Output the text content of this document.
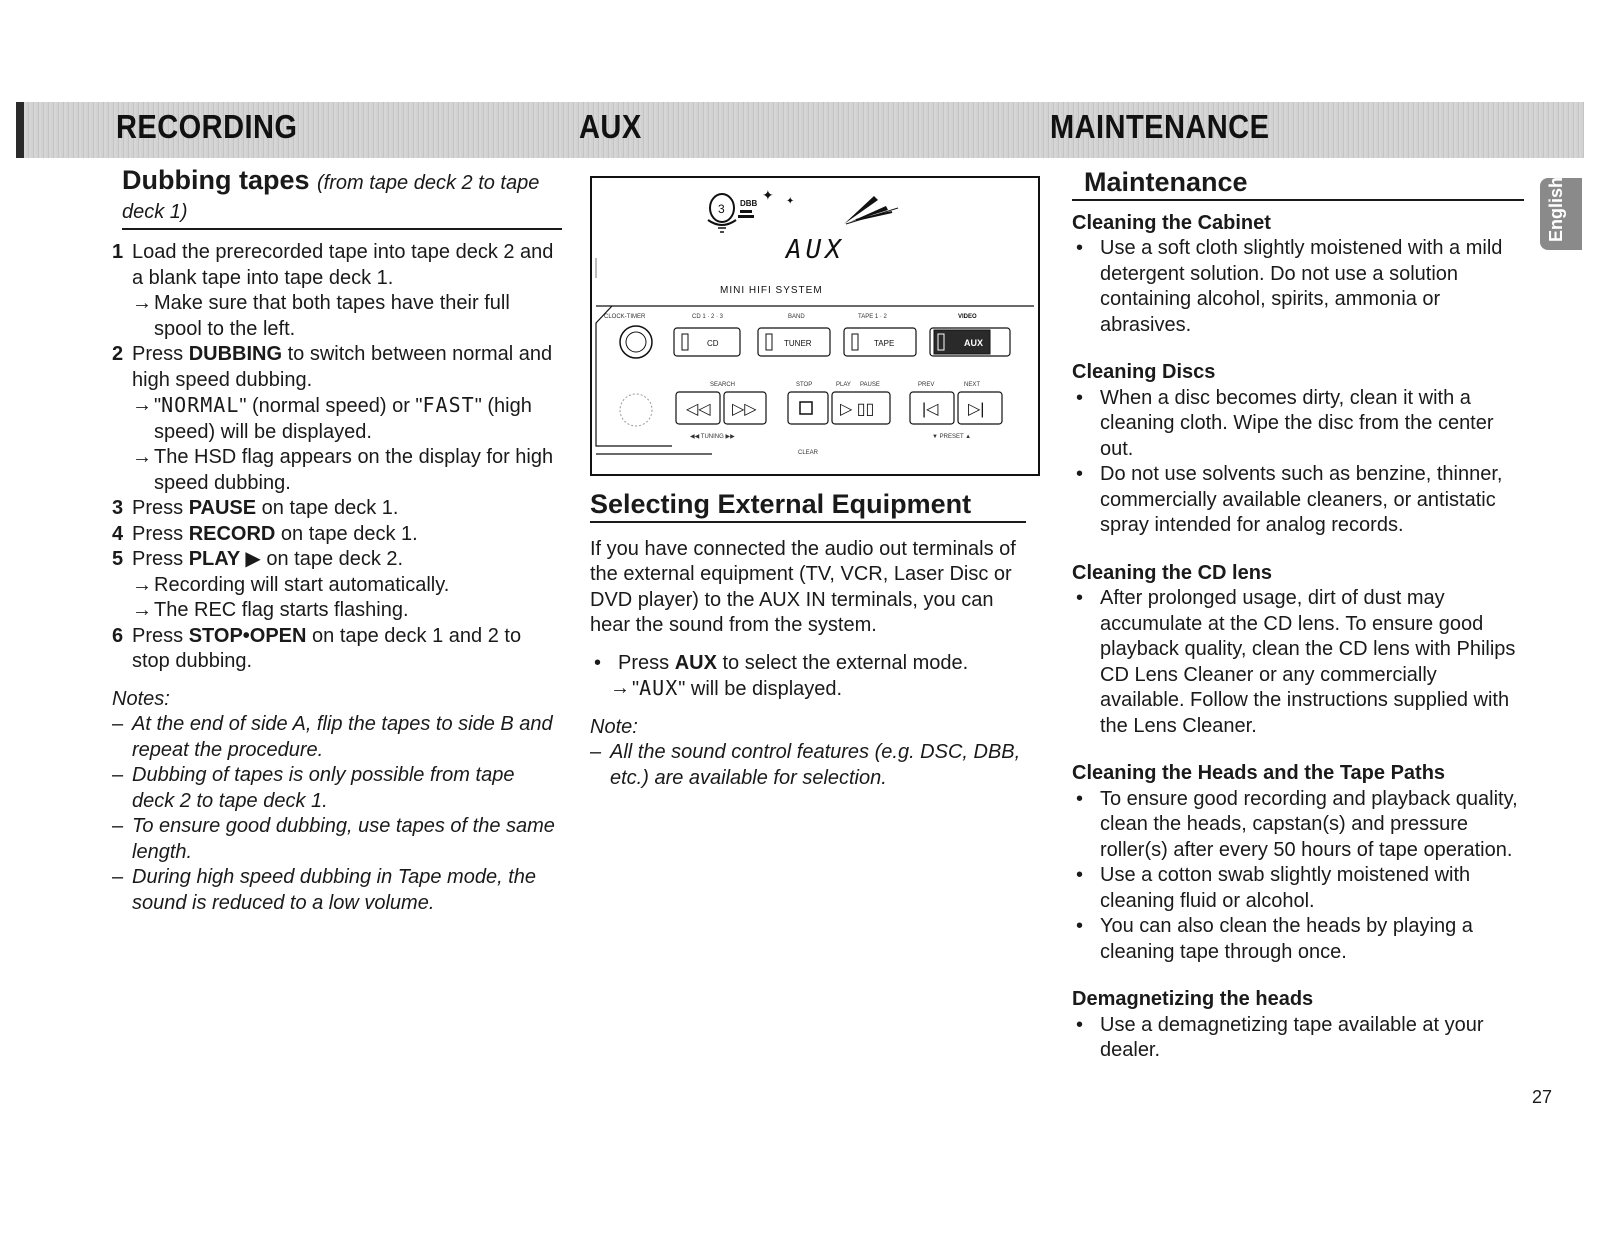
RECORDING	AUX	MAINTENANCE
English
Dubbing tapes (from tape deck 2 to tape deck 1)
1 Load the prerecorded tape into tape deck 2 and a blank tape into tape deck 1.
→ Make sure that both tapes have their full spool to the left.
2 Press DUBBING to switch between normal and high speed dubbing.
→ "NORMAL" (normal speed) or "FAST" (high speed) will be displayed.
→ The HSD flag appears on the display for high speed dubbing.
3 Press PAUSE on tape deck 1.
4 Press RECORD on tape deck 1.
5 Press PLAY ▶ on tape deck 2.
→ Recording will start automatically.
→ The REC flag starts flashing.
6 Press STOP•OPEN on tape deck 1 and 2 to stop dubbing.
Notes:
– At the end of side A, flip the tapes to side B and repeat the procedure.
– Dubbing of tapes is only possible from tape deck 2 to tape deck 1.
– To ensure good dubbing, use tapes of the same length.
– During high speed dubbing in Tape mode, the sound is reduced to a low volume.
3 DBB
✦ ✦
AUX
MINI HIFI SYSTEM
CLOCK-TIMER	CD 1 · 2 · 3	BAND	TAPE 1 · 2	VIDEO
CD	TUNER	TAPE	AUX
SEARCH	STOP	PLAY PAUSE	PREV	NEXT
◁◁ ▷▷	▷ ▯▯	|◁ ▷|
◀◀ TUNING ▶▶	▼ PRESET ▲
CLEAR
Selecting External Equipment
If you have connected the audio out terminals of the external equipment (TV, VCR, Laser Disc or DVD player) to the AUX IN terminals, you can hear the sound from the system.
• Press AUX to select the external mode.
→ "AUX" will be displayed.
Note:
– All the sound control features (e.g. DSC, DBB, etc.) are available for selection.
Maintenance
Cleaning the Cabinet
• Use a soft cloth slightly moistened with a mild detergent solution. Do not use a solution containing alcohol, spirits, ammonia or abrasives.
Cleaning Discs
• When a disc becomes dirty, clean it with a cleaning cloth. Wipe the disc from the center out.
• Do not use solvents such as benzine, thinner, commercially available cleaners, or antistatic spray intended for analog records.
Cleaning the CD lens
• After prolonged usage, dirt of dust may accumulate at the CD lens. To ensure good playback quality, clean the CD lens with Philips CD Lens Cleaner or any commercially available. Follow the instructions supplied with the Lens Cleaner.
Cleaning the Heads and the Tape Paths
• To ensure good recording and playback quality, clean the heads, capstan(s) and pressure roller(s) after every 50 hours of tape operation.
• Use a cotton swab slightly moistened with cleaning fluid or alcohol.
• You can also clean the heads by playing a cleaning tape through once.
Demagnetizing the heads
• Use a demagnetizing tape available at your dealer.
27
